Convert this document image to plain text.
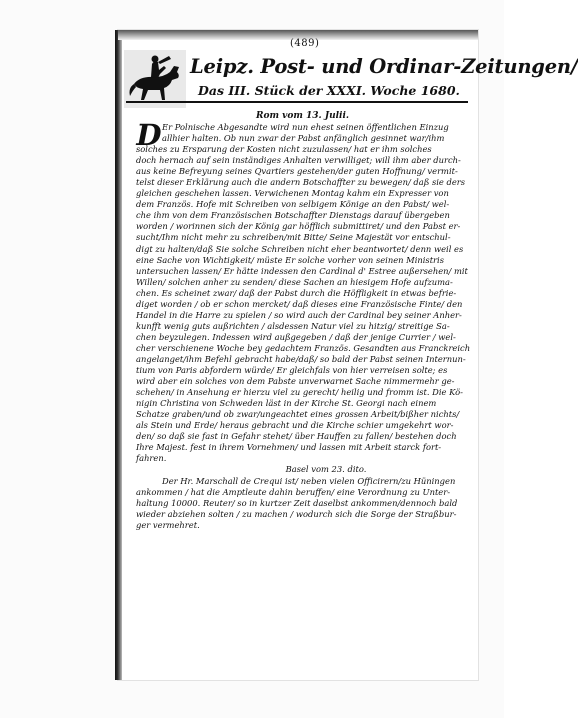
(489)
Leipz. Post- und Ordinar-Zeitungen/
Das III. Stück der XXXI. Woche 1680.
Rom vom 13. Julii.
D Er Polnische Abgesandte wird nun ehest seinen öffentlichen Einzug
allhier halten. Ob nun zwar der Pabst anfänglich gesinnet war/ihm
solches zu Ersparung der Kosten nicht zuzulassen/ hat er ihm solches
doch hernach auf sein inständiges Anhalten verwilliget; will ihm aber durch-
aus keine Befreyung seines Qvartiers gestehen/der guten Hoffnung/ vermit-
telst dieser Erklärung auch die andern Botschaffter zu bewegen/ daß sie ders
gleichen geschehen lassen. Verwichenen Montag kahm ein Expresser von
dem Französ. Hofe mit Schreiben von selbigem Könige an den Pabst/ wel-
che ihm von dem Französischen Botschaffter Dienstags darauf übergeben
worden / worinnen sich der König gar höfflich submittiret/ und den Pabst er-
sucht/Ihm nicht mehr zu schreiben/mit Bitte/ Seine Majestät vor entschul-
digt zu halten/daß Sie solche Schreiben nicht eher beantwortet/ denn weil es
eine Sache von Wichtigkeit/ müste Er solche vorher von seinen Ministris
untersuchen lassen/ Er hätte indessen den Cardinal d' Estree außersehen/ mit
Willen/ solchen anher zu senden/ diese Sachen an hiesigem Hofe aufzuma-
chen. Es scheinet zwar/ daß der Pabst durch die Höffligkeit in etwas befrie-
diget worden / ob er schon mercket/ daß dieses eine Französische Finte/ den
Handel in die Harre zu spielen / so wird auch der Cardinal bey seiner Anher-
kunfft wenig guts außrichten / alsdessen Natur viel zu hitzig/ streitige Sa-
chen beyzulegen. Indessen wird außgegeben / daß der jenige Currier / wel-
cher verschienene Woche bey gedachtem Französ. Gesandten aus Franckreich
angelanget/ihm Befehl gebracht habe/daß/ so bald der Pabst seinen Internun-
tium von Paris abfordern würde/ Er gleichfals von hier verreisen solte; es
wird aber ein solches von dem Pabste unverwarnet Sache nimmermehr ge-
schehen/ in Ansehung er hierzu viel zu gerecht/ heilig und fromm ist. Die Kö-
nigin Christina von Schweden läst in der Kirche St. Georgi nach einem
Schatze graben/und ob zwar/ungeachtet eines grossen Arbeit/bißher nichts/
als Stein und Erde/ heraus gebracht und die Kirche schier umgekehrt wor-
den/ so daß sie fast in Gefahr stehet/ über Hauffen zu fallen/ bestehen doch
Ihre Majest. fest in ihrem Vornehmen/ und lassen mit Arbeit starck fort-
fahren.
Basel vom 23. dito.
Der Hr. Marschall de Crequi ist/ neben vielen Officirern/zu Hüningen
ankommen / hat die Amptleute dahin beruffen/ eine Verordnung zu Unter-
haltung 10000. Reuter/ so in kurtzer Zeit daselbst ankommen/dennoch bald
wieder abziehen solten / zu machen / wodurch sich die Sorge der Straßbur-
ger vermehret.
